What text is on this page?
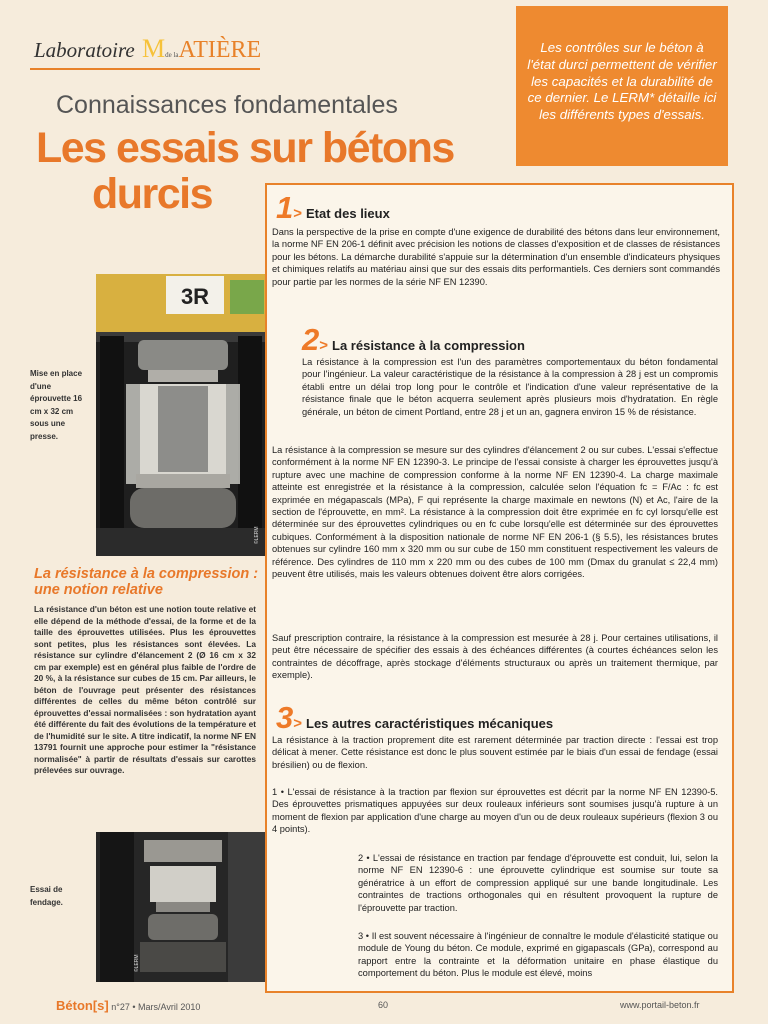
Laboratoire Mde laATIÈRE	Les contrôles sur le béton à l'état durci permettent de vérifier les capacités et la durabilité de ce dernier. Le LERM* détaille ici les différents types d'essais.
Connaissances fondamentales
Les essais sur bétons
durcis
3R
©LERM

Mise en place d'une éprouvette 16 cm x 32 cm sous une presse.

La résistance à la compression : une notion relative

La résistance d'un béton est une notion toute relative et elle dépend de la méthode d'essai, de la forme et de la taille des éprouvettes utilisées. Plus les éprouvettes sont petites, plus les résistances sont élevées. La résistance sur cylindre d'élancement 2 (Ø 16 cm x 32 cm par exemple) est en général plus faible de l'ordre de 20 %, à la résistance sur cubes de 15 cm. Par ailleurs, le béton de l'ouvrage peut présenter des résistances différentes de celles du même béton contrôlé sur éprouvettes d'essai normalisées : son hydratation ayant été différente du fait des évolutions de la température et de l'humidité sur le site. A titre indicatif, la norme NF EN 13791 fournit une approche pour estimer la "résistance normalisée" à partir de résultats d'essais sur carottes prélevées sur ouvrage.

©LERM

Essai de fendage.

1> Etat des lieux

Dans la perspective de la prise en compte d'une exigence de durabilité des bétons dans leur environnement, la norme NF EN 206-1 définit avec précision les notions de classes d'exposition et de classes de résistances pour les bétons. La démarche durabilité s'appuie sur la détermination d'un ensemble d'indicateurs physiques et chimiques relatifs au matériau ainsi que sur des essais dits performantiels. Ces derniers sont commandés pour partie par les normes de la série NF EN 12390.

2> La résistance à la compression

La résistance à la compression est l'un des paramètres comportementaux du béton fondamental pour l'ingénieur. La valeur caractéristique de la résistance à la compression à 28 j est un compromis établi entre un délai trop long pour le contrôle et l'indication d'une valeur représentative de la résistance finale que le béton acquerra seulement après plusieurs mois d'hydratation. En règle générale, un béton de ciment Portland, entre 28 j et un an, gagnera environ 15 % de résistance.

La résistance à la compression se mesure sur des cylindres d'élancement 2 ou sur cubes. L'essai s'effectue conformément à la norme NF EN 12390-3. Le principe de l'essai consiste à charger les éprouvettes jusqu'à rupture avec une machine de compression conforme à la norme NF EN 12390-4. La charge maximale atteinte est enregistrée et la résistance à la compression, calculée selon l'équation fc = F/Ac : fc est exprimée en mégapascals (MPa), F qui représente la charge maximale en newtons (N) et Ac, l'aire de la section de l'éprouvette, en mm². La résistance à la compression doit être exprimée en fc cyl lorsqu'elle est déterminée sur des éprouvettes cylindriques ou en fc cube lorsqu'elle est déterminée sur des éprouvettes cubiques. Conformément à la disposition nationale de norme NF EN 206-1 (§ 5.5), les résistances brutes obtenues sur cylindre 160 mm x 320 mm ou sur cube de 150 mm constituent respectivement les valeurs de référence. Des cylindres de 110 mm x 220 mm ou des cubes de 100 mm (Dmax du granulat ≤ 22,4 mm) peuvent être utilisés, mais les valeurs obtenues doivent être alors corrigées.

Sauf prescription contraire, la résistance à la compression est mesurée à 28 j. Pour certaines utilisations, il peut être nécessaire de spécifier des essais à des échéances différentes (à courtes échéances selon les contraintes de décoffrage, après stockage d'éléments structuraux ou après un traitement thermique, par exemple).

3> Les autres caractéristiques mécaniques

La résistance à la traction proprement dite est rarement déterminée par traction directe : l'essai est trop délicat à mener. Cette résistance est donc le plus souvent estimée par le biais d'un essai de fendage (essai brésilien) ou de flexion.

1 • L'essai de résistance à la traction par flexion sur éprouvettes est décrit par la norme NF EN 12390-5. Des éprouvettes prismatiques appuyées sur deux rouleaux inférieurs sont soumises jusqu'à rupture à un moment de flexion par application d'une charge au moyen d'un ou de deux rouleaux supérieurs (flexion 3 ou 4 points).

2 • L'essai de résistance en traction par fendage d'éprouvette est conduit, lui, selon la norme NF EN 12390-6 : une éprouvette cylindrique est soumise sur toute sa génératrice à un effort de compression appliqué sur une bande longitudinale. Les contraintes de tractions orthogonales qui en résultent provoquent la rupture de l'éprouvette par traction.

3 • Il est souvent nécessaire à l'ingénieur de connaître le module d'élasticité statique ou module de Young du béton. Ce module, exprimé en gigapascals (GPa), correspond au rapport entre la contrainte et la déformation unitaire en phase élastique du comportement du béton. Plus le module est élevé, moins

Béton[s] n°27 • Mars/Avril 2010	60	www.portail-beton.fr
